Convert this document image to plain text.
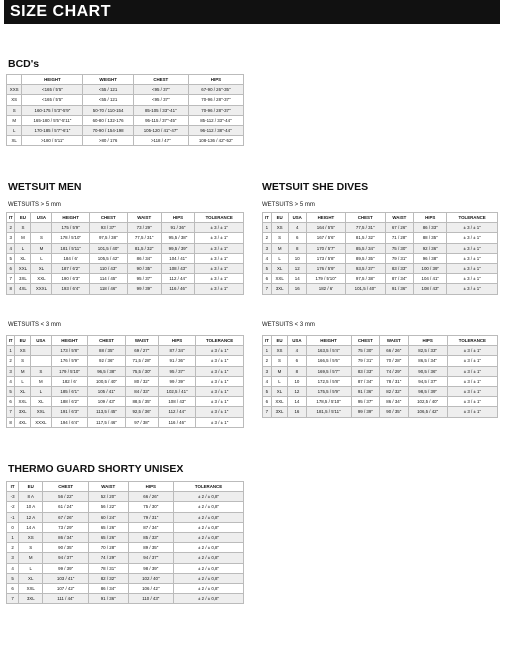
SIZE CHART
BCD's
	HEIGHT	WEIGHT	CHEST	HIPS
XXS	<165 / 5'5"	<55 / 121	<95 / 37"	67-90 / 26"-35"
XS	<165 / 5'5"	<55 / 121	<95 / 37"	70-96 / 28"-37"
S	160-175 / 5'3"-5'9"	50-70 / 110-154	85-105 / 33"-41"	70-96 / 28"-37"
M	165-180 / 5'5"-5'11"	60-80 / 132-176	95-115 / 37"-45"	85-112 / 33"-44"
L	170-185 / 5'7"-6'1"	70-90 / 154-198	105-120 / 41"-47"	96-112 / 38"-44"
XL	>180 / 5'11"	>80 / 176	>118 / 47"	108-136 / 42"-52"
WETSUIT MEN
WETSUITS > 5 mm
IT	EU	USA	HEIGHT	CHEST	WAIST	HIPS	TOLERANCE
2	S		175 / 5'9"	93 / 37"	73 / 29"	91 / 36"	± 3 / ± 1"
3	M	S	178 / 5'10"	97,5 / 38"	77,5 / 31"	95,5 / 38"	± 3 / ± 1"
4	L	M	181 / 5'11"	101,5 / 40"	81,5 / 32"	99,5 / 39"	± 3 / ± 1"
5	XL	L	184 / 6'	105,5 / 42"	86 / 34"	104 / 41"	± 3 / ± 1"
6	XXL	XL	187 / 6'2"	110 / 43"	90 / 35"	108 / 43"	± 3 / ± 1"
7	3XL	XXL	190 / 6'3"	114 / 45"	95 / 37"	112 / 44"	± 3 / ± 1"
8	4XL	XXXL	193 / 6'4"	118 / 46"	99 / 39"	116 / 46"	± 3 / ± 1"
WETSUITS < 3 mm
IT	EU	USA	HEIGHT	CHEST	WAIST	HIPS	TOLERANCE
1	XS		173 / 5'8"	88 / 35"	69 / 27"	87 / 34"	± 3 / ± 1"
2	S		176 / 5'9"	92 / 36"	71,5 / 28"	91 / 36"	± 3 / ± 1"
3	M	S	179 / 5'10"	96,5 / 38"	75,5 / 30"	95 / 37"	± 3 / ± 1"
4	L	M	182 / 6'	100,5 / 40"	80 / 32"	99 / 39"	± 3 / ± 1"
5	XL	L	185 / 6'1"	105 / 41"	84 / 33"	102,5 / 41"	± 3 / ± 1"
6	XXL	XL	188 / 6'2"	109 / 43"	88,5 / 35"	108 / 43"	± 3 / ± 1"
7	3XL	XXL	191 / 6'3"	113,5 / 45"	92,5 / 36"	112 / 44"	± 3 / ± 1"
8	4XL	XXXL	194 / 6'4"	117,5 / 46"	97 / 38"	116 / 46"	± 3 / ± 1"
WETSUIT SHE DIVES
WETSUITS > 5 mm
IT	EU	USA	HEIGHT	CHEST	WAIST	HIPS	TOLERANCE
1	XS	4	164 / 5'5"	77,5 / 31"	67 / 26"	86 / 33"	± 3 / ± 1"
2	S	6	167 / 5'6"	81,5 / 32"	71 / 28"	88 / 35"	± 3 / ± 1"
3	M	8	170 / 5'7"	85,5 / 34"	75 / 30"	92 / 36"	± 3 / ± 1"
4	L	10	173 / 5'8"	89,5 / 35"	79 / 31"	96 / 38"	± 3 / ± 1"
5	XL	12	176 / 5'9"	93,5 / 37"	83 / 33"	100 / 39"	± 3 / ± 1"
6	XXL	14	179 / 5'10"	97,5 / 38"	87 / 34"	104 / 41"	± 3 / ± 1"
7	3XL	16	182 / 6'	101,5 / 40"	91 / 36"	108 / 43"	± 3 / ± 1"
WETSUITS < 3 mm
IT	EU	USA	HEIGHT	CHEST	WAIST	HIPS	TOLERANCE
1	XS	4	163,5 / 5'4"	75 / 30"	66 / 26"	82,5 / 33"	± 3 / ± 1"
2	S	6	166,5 / 5'6"	79 / 31"	70 / 28"	86,5 / 34"	± 3 / ± 1"
3	M	8	169,5 / 5'7"	83 / 33"	74 / 29"	90,5 / 36"	± 3 / ± 1"
4	L	10	172,5 / 5'8"	87 / 34"	78 / 31"	94,5 / 37"	± 3 / ± 1"
5	XL	12	175,5 / 5'9"	91 / 36"	82 / 32"	98,5 / 39"	± 3 / ± 1"
6	XXL	14	178,5 / 5'10"	95 / 37"	86 / 34"	102,5 / 40"	± 3 / ± 1"
7	3XL	16	181,5 / 5'11"	99 / 39"	90 / 35"	106,5 / 42"	± 3 / ± 1"
THERMO GUARD SHORTY UNISEX
IT	EU	CHEST	WAIST	HIPS	TOLERANCE
-3	8 A	56 / 22"	52 / 20"	66 / 26"	± 2 / ± 0,8"
-2	10 A	61 / 24"	56 / 22"	75 / 30"	± 2 / ± 0,8"
-1	12 A	67 / 26"	60 / 24"	79 / 31"	± 2 / ± 0,8"
0	14 A	73 / 29"	65 / 26"	87 / 34"	± 2 / ± 0,8"
1	XS	86 / 34"	65 / 26"	85 / 33"	± 2 / ± 0,8"
2	S	90 / 35"	70 / 28"	89 / 35"	± 2 / ± 0,8"
3	M	94 / 37"	74 / 29"	94 / 37"	± 2 / ± 0,8"
4	L	99 / 39"	78 / 31"	98 / 39"	± 2 / ± 0,8"
5	XL	103 / 41"	82 / 32"	102 / 40"	± 2 / ± 0,8"
6	XXL	107 / 42"	86 / 34"	106 / 42"	± 2 / ± 0,8"
7	3XL	111 / 44"	91 / 36"	110 / 43"	± 2 / ± 0,8"
